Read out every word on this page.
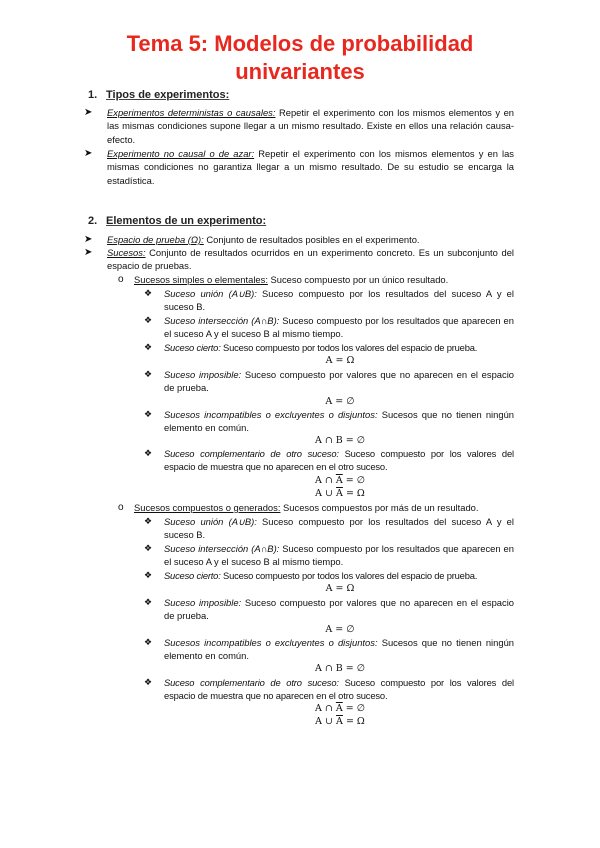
Tema 5: Modelos de probabilidad
univariantes
1. Tipos de experimentos:
➤ Experimentos deterministas o causales: Repetir el experimento con los mismos elementos y en las mismas condiciones supone llegar a un mismo resultado. Existe en ellos una relación causa-efecto.
➤ Experimento no causal o de azar: Repetir el experimento con los mismos elementos y en las mismas condiciones no garantiza llegar a un mismo resultado. De su estudio se encarga la estadística.
2. Elementos de un experimento:
➤ Espacio de prueba (Ω): Conjunto de resultados posibles en el experimento.
➤ Sucesos: Conjunto de resultados ocurridos en un experimento concreto. Es un subconjunto del espacio de pruebas.
o Sucesos simples o elementales: Suceso compuesto por un único resultado.
❖ Suceso unión (A∪B): Suceso compuesto por los resultados del suceso A y el suceso B.
❖ Suceso intersección (A∩B): Suceso compuesto por los resultados que aparecen en el suceso A y el suceso B al mismo tiempo.
❖ Suceso cierto: Suceso compuesto por todos los valores del espacio de prueba.
A = Ω
❖ Suceso imposible: Suceso compuesto por valores que no aparecen en el espacio de prueba.
A = ∅
❖ Sucesos incompatibles o excluyentes o disjuntos: Sucesos que no tienen ningún elemento en común.
A ∩ B = ∅
❖ Suceso complementario de otro suceso: Suceso compuesto por los valores del espacio de muestra que no aparecen en el otro suceso.
A ∩ $\overline{A}$ = ∅
A ∪ $\overline{A} = \Omega$
o Sucesos compuestos o generados: Sucesos compuestos por más de un resultado.
❖ Suceso unión (A∪B): Suceso compuesto por los resultados del suceso A y el suceso B.
❖ Suceso intersección (A∩B): Suceso compuesto por los resultados que aparecen en el suceso A y el suceso B al mismo tiempo.
❖ Suceso cierto: Suceso compuesto por todos los valores del espacio de prueba.
A = Ω
❖ Suceso imposible: Suceso compuesto por valores que no aparecen en el espacio de prueba.
A = ∅
❖ Sucesos incompatibles o excluyentes o disjuntos: Sucesos que no tienen ningún elemento en común.
A ∩ B = ∅
❖ Suceso complementario de otro suceso: Suceso compuesto por los valores del espacio de muestra que no aparecen en el otro suceso.
A ∩ $\overline{A}$ = ∅
A ∪ $\overline{A} = \Omega$
